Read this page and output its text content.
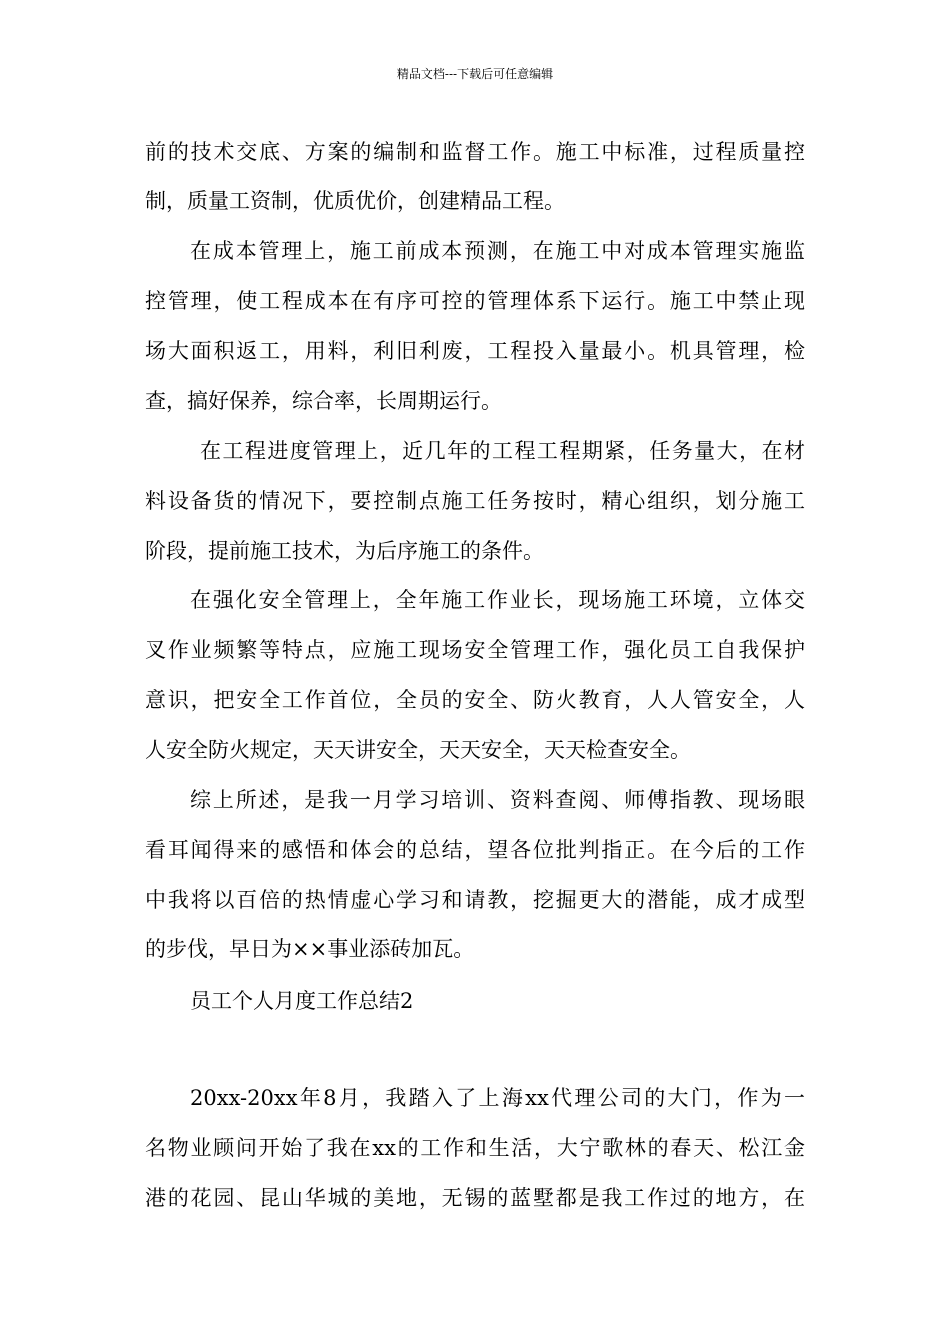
精品文档---下载后可任意编辑
前的技术交底、方案的编制和监督工作。施工中标准，过程质量控
制，质量工资制，优质优价，创建精品工程。
在成本管理上，施工前成本预测，在施工中对成本管理实施监
控管理，使工程成本在有序可控的管理体系下运行。施工中禁止现
场大面积返工，用料，利旧利废，工程投入量最小。机具管理，检
查，搞好保养，综合率，长周期运行。
在工程进度管理上，近几年的工程工程期紧，任务量大，在材
料设备货的情况下，要控制点施工任务按时，精心组织，划分施工
阶段，提前施工技术，为后序施工的条件。
在强化安全管理上，全年施工作业长，现场施工环境，立体交
叉作业频繁等特点，应施工现场安全管理工作，强化员工自我保护
意识，把安全工作首位，全员的安全、防火教育，人人管安全，人
人安全防火规定，天天讲安全，天天安全，天天检查安全。
综上所述，是我一月学习培训、资料查阅、师傅指教、现场眼
看耳闻得来的感悟和体会的总结，望各位批判指正。在今后的工作
中我将以百倍的热情虚心学习和请教，挖掘更大的潜能，成才成型
的步伐，早日为××事业添砖加瓦。
员工个人月度工作总结2
20xx-20xx年8月，我踏入了上海xx代理公司的大门，作为一
名物业顾问开始了我在xx的工作和生活，大宁歌林的春天、松江金
港的花园、昆山华城的美地，无锡的蓝墅都是我工作过的地方，在
